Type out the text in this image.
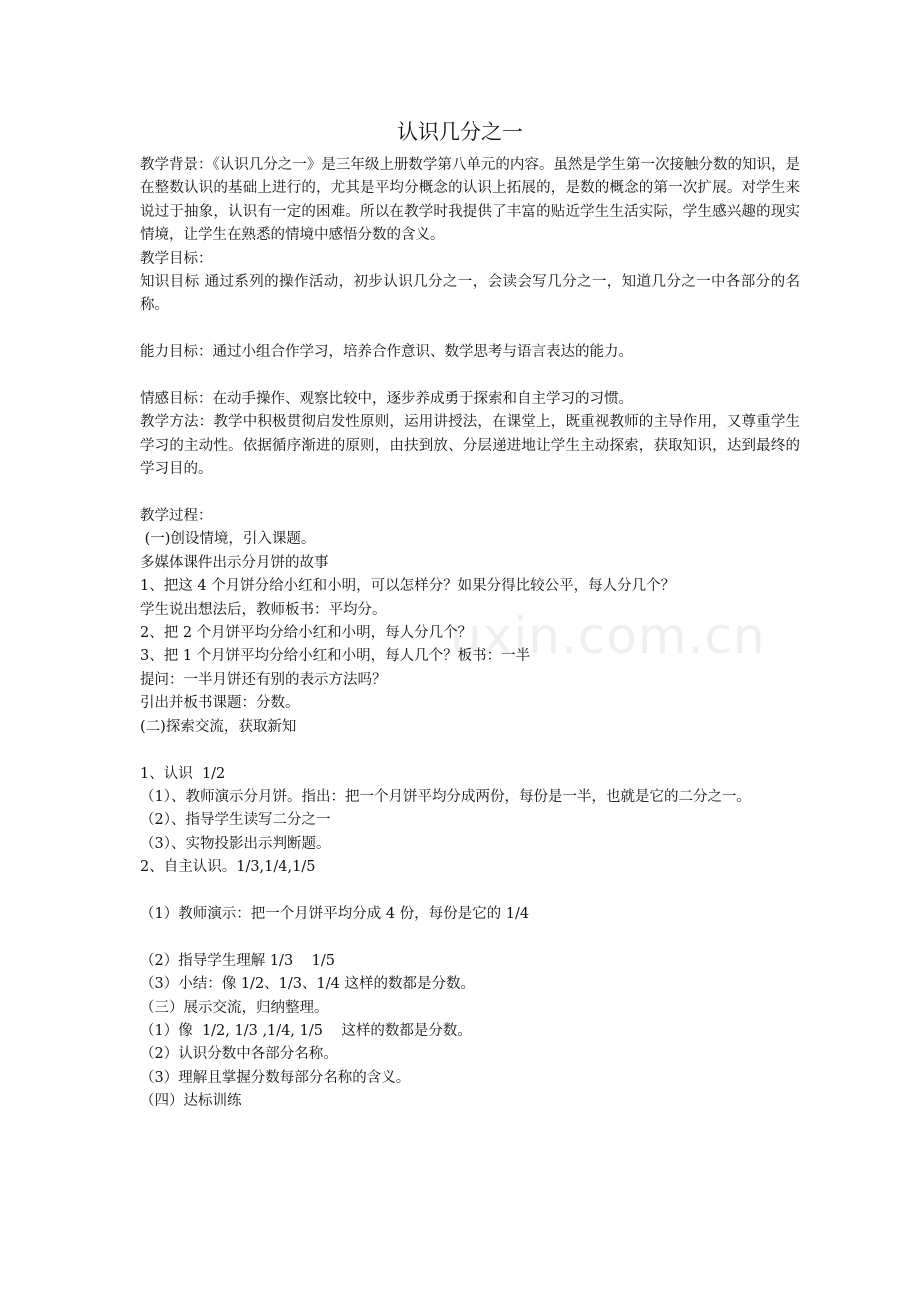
uxin.com.cn
认识几分之一

教学背景：《认识几分之一》是三年级上册数学第八单元的内容。虽然是学生第一次接触分数的知识，是在整数认识的基础上进行的，尤其是平均分概念的认识上拓展的，是数的概念的第一次扩展。对学生来说过于抽象，认识有一定的困难。所以在教学时我提供了丰富的贴近学生生活实际，学生感兴趣的现实情境，让学生在熟悉的情境中感悟分数的含义。

教学目标：

知识目标 通过系列的操作活动，初步认识几分之一，会读会写几分之一，知道几分之一中各部分的名称。

能力目标：通过小组合作学习，培养合作意识、数学思考与语言表达的能力。

情感目标：在动手操作、观察比较中，逐步养成勇于探索和自主学习的习惯。

教学方法：教学中积极贯彻启发性原则，运用讲授法，在课堂上，既重视教师的主导作用，又尊重学生学习的主动性。依据循序渐进的原则，由扶到放、分层递进地让学生主动探索，获取知识，达到最终的学习目的。

教学过程：

(一)创设情境，引入课题。

多媒体课件出示分月饼的故事

1、把这 4 个月饼分给小红和小明，可以怎样分？如果分得比较公平，每人分几个？

学生说出想法后，教师板书：平均分。

2、把 2 个月饼平均分给小红和小明，每人分几个？

3、把 1 个月饼平均分给小红和小明，每人几个？板书：一半

提问：一半月饼还有别的表示方法吗？

引出并板书课题：分数。

(二)探索交流，获取新知

1、认识  1/2

（1）、教师演示分月饼。指出：把一个月饼平均分成两份，每份是一半，也就是它的二分之一。

（2）、指导学生读写二分之一

（3）、实物投影出示判断题。

2、自主认识。1/3,1/4,1/5

（1）教师演示：把一个月饼平均分成 4 份，每份是它的 1/4

（2）指导学生理解 1/3    1/5

（3）小结：像 1/2、1/3、1/4 这样的数都是分数。

（三）展示交流，归纳整理。

（1）像  1/2, 1/3 ,1/4, 1/5    这样的数都是分数。

（2）认识分数中各部分名称。

（3）理解且掌握分数每部分名称的含义。

（四）达标训练
